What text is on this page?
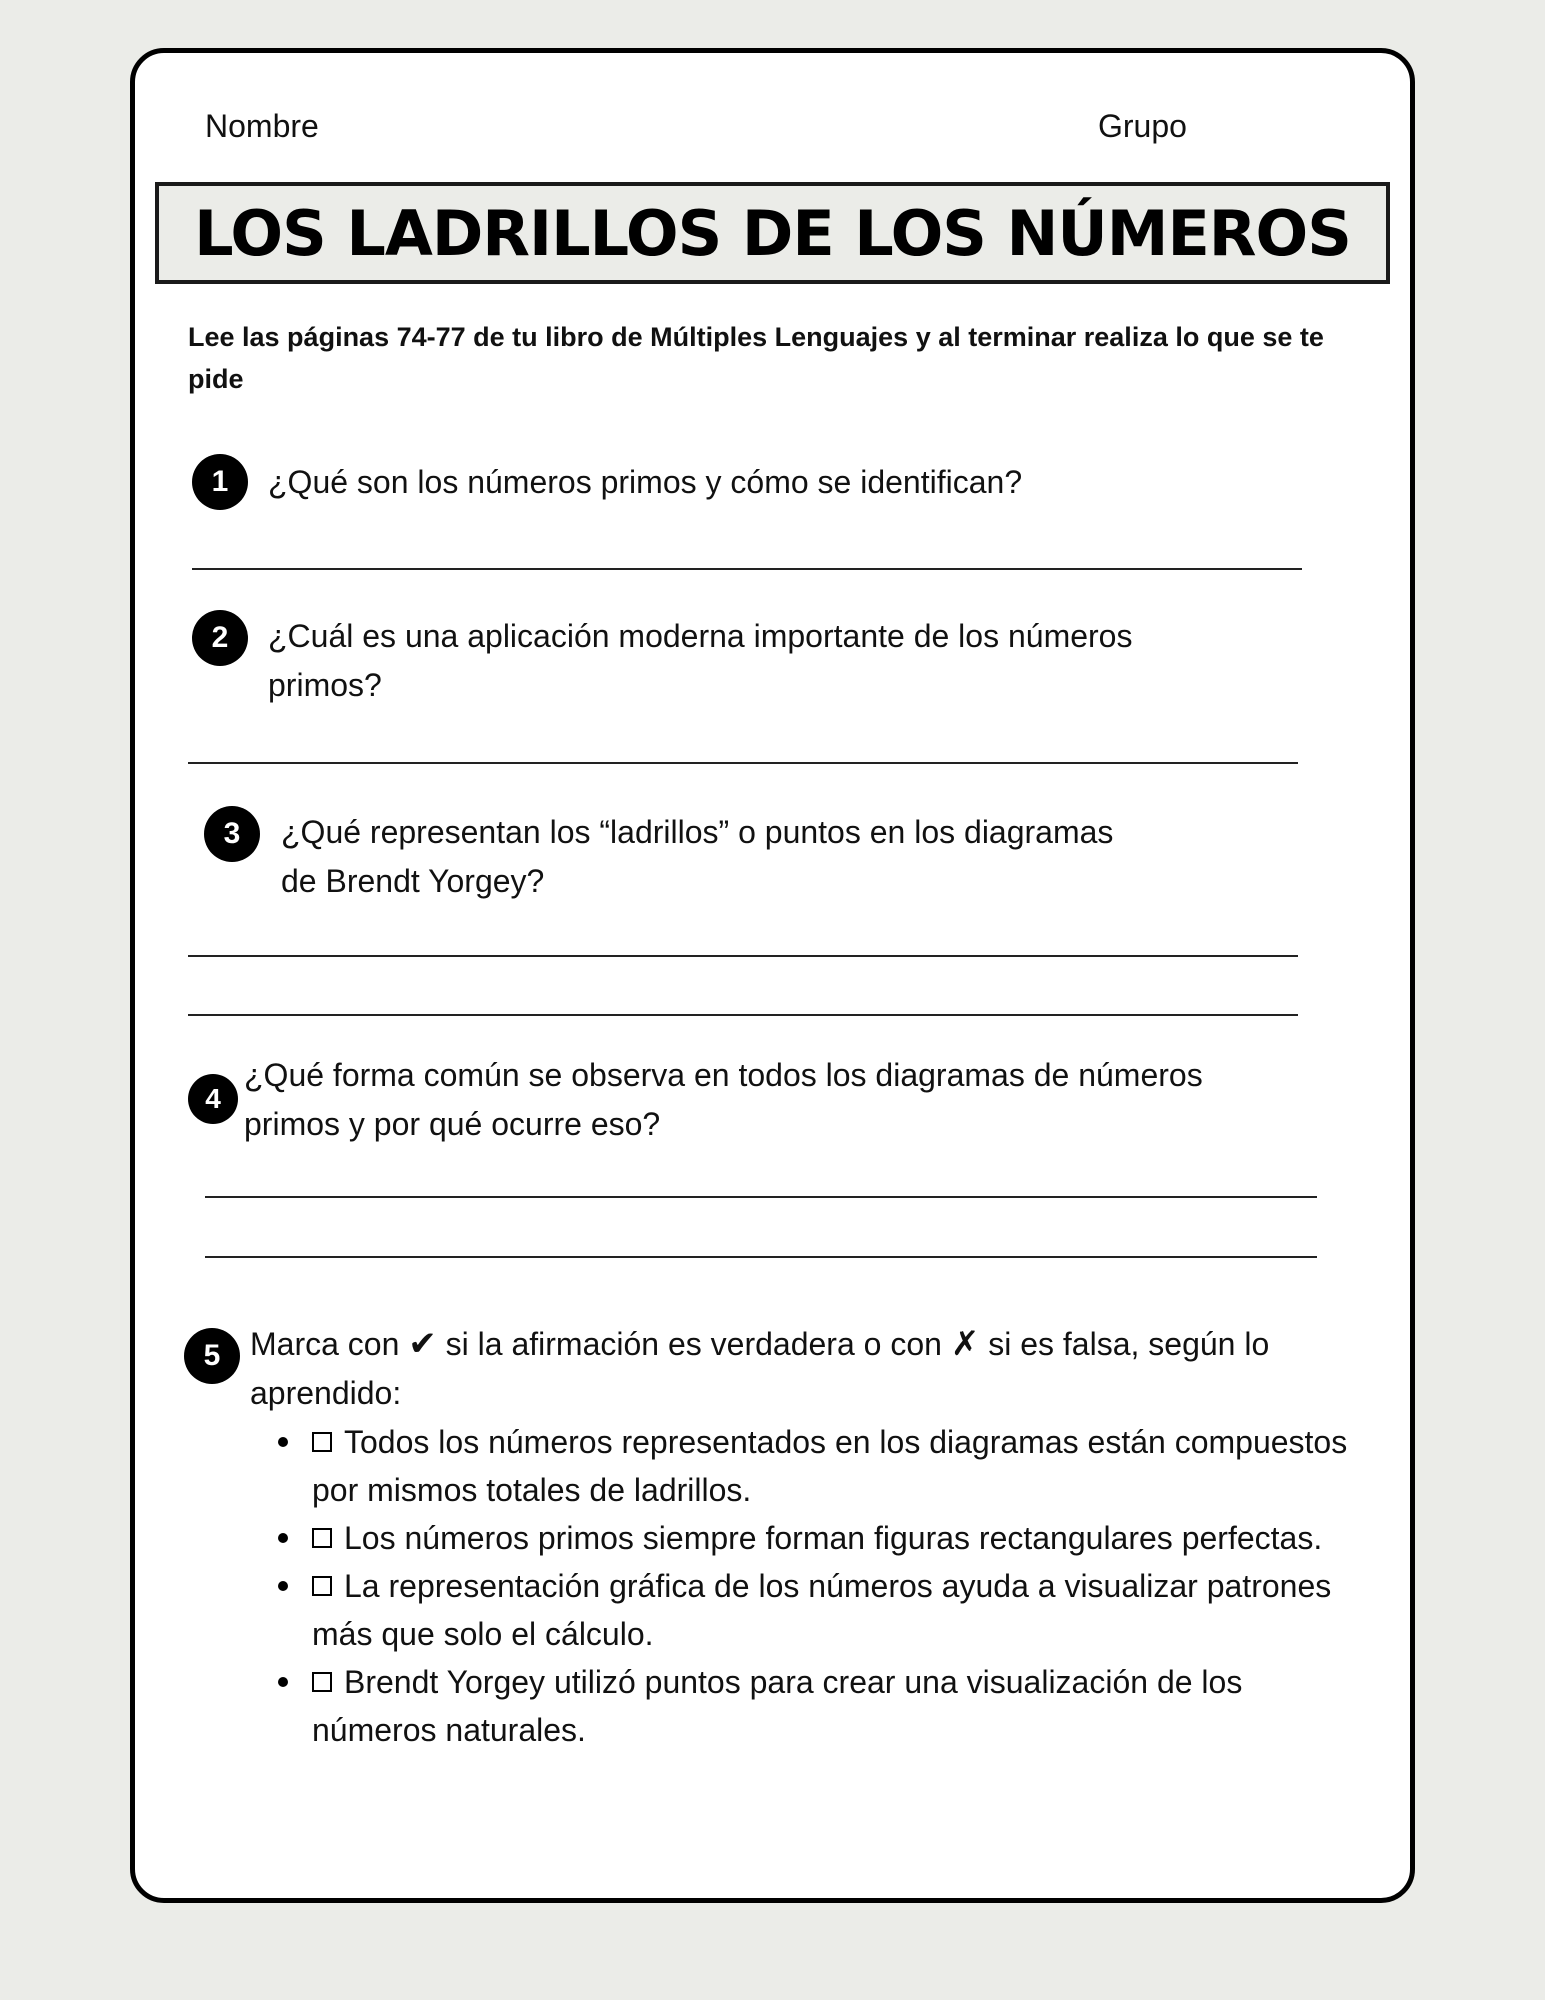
Nombre	Grupo
LOS LADRILLOS DE LOS NÚMEROS
Lee las páginas 74-77 de tu libro de Múltiples Lenguajes y al terminar realiza lo que se te pide
1 ¿Qué son los números primos y cómo se identifican?
2 ¿Cuál es una aplicación moderna importante de los números
primos?
3 ¿Qué representan los “ladrillos” o puntos en los diagramas
de Brendt Yorgey?
4
¿Qué forma común se observa en todos los diagramas de números
primos y por qué ocurre eso?
5 Marca con ✔ si la afirmación es verdadera o con ✗ si es falsa, según lo
aprendido:
Todos los números representados en los diagramas están compuestos por mismos totales de ladrillos.
Los números primos siempre forman figuras rectangulares perfectas.
La representación gráfica de los números ayuda a visualizar patrones más que solo el cálculo.
Brendt Yorgey utilizó puntos para crear una visualización de los números naturales.
